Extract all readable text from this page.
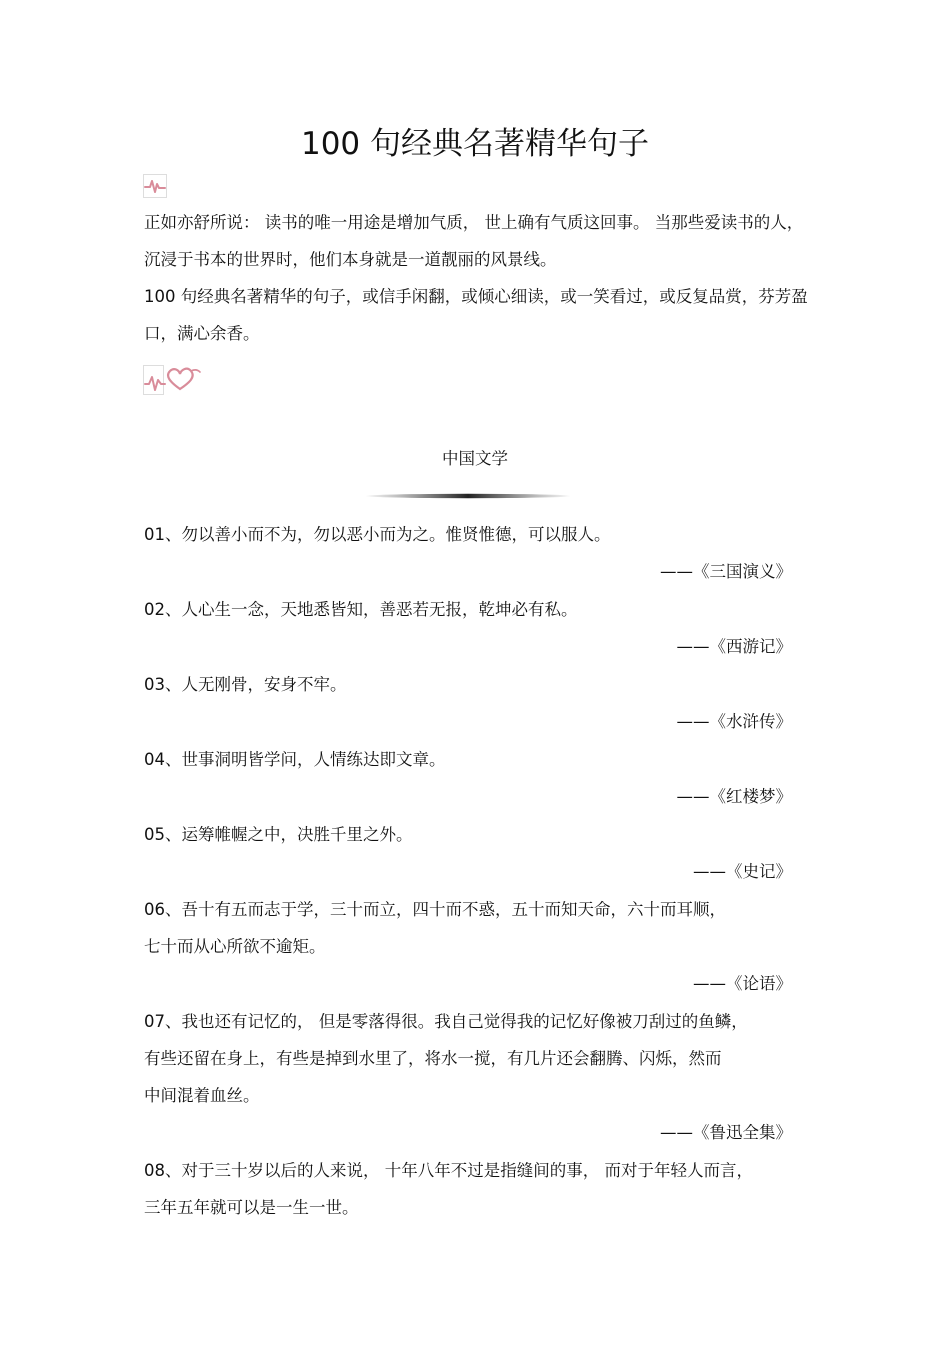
100 句经典名著精华句子

正如亦舒所说： 读书的唯一用途是增加气质， 世上确有气质这回事。 当那些爱读书的人，沉浸于书本的世界时，他们本身就是一道靓丽的风景线。

100 句经典名著精华的句子，或信手闲翻，或倾心细读，或一笑看过，或反复品赏，芬芳盈口，满心余香。

中国文学

01、勿以善小而不为，勿以恶小而为之。惟贤惟德，可以服人。

——《三国演义》

02、人心生一念，天地悉皆知，善恶若无报，乾坤必有私。

——《西游记》

03、人无刚骨，安身不牢。

——《水浒传》

04、世事洞明皆学问，人情练达即文章。

——《红楼梦》

05、运筹帷幄之中，决胜千里之外。

——《史记》

06、吾十有五而志于学，三十而立，四十而不惑，五十而知天命，六十而耳顺，
七十而从心所欲不逾矩。

——《论语》

07、我也还有记忆的， 但是零落得很。我自己觉得我的记忆好像被刀刮过的鱼鳞，
有些还留在身上，有些是掉到水里了，将水一搅，有几片还会翻腾、闪烁，然而
中间混着血丝。

——《鲁迅全集》

08、对于三十岁以后的人来说， 十年八年不过是指缝间的事， 而对于年轻人而言，
三年五年就可以是一生一世。
